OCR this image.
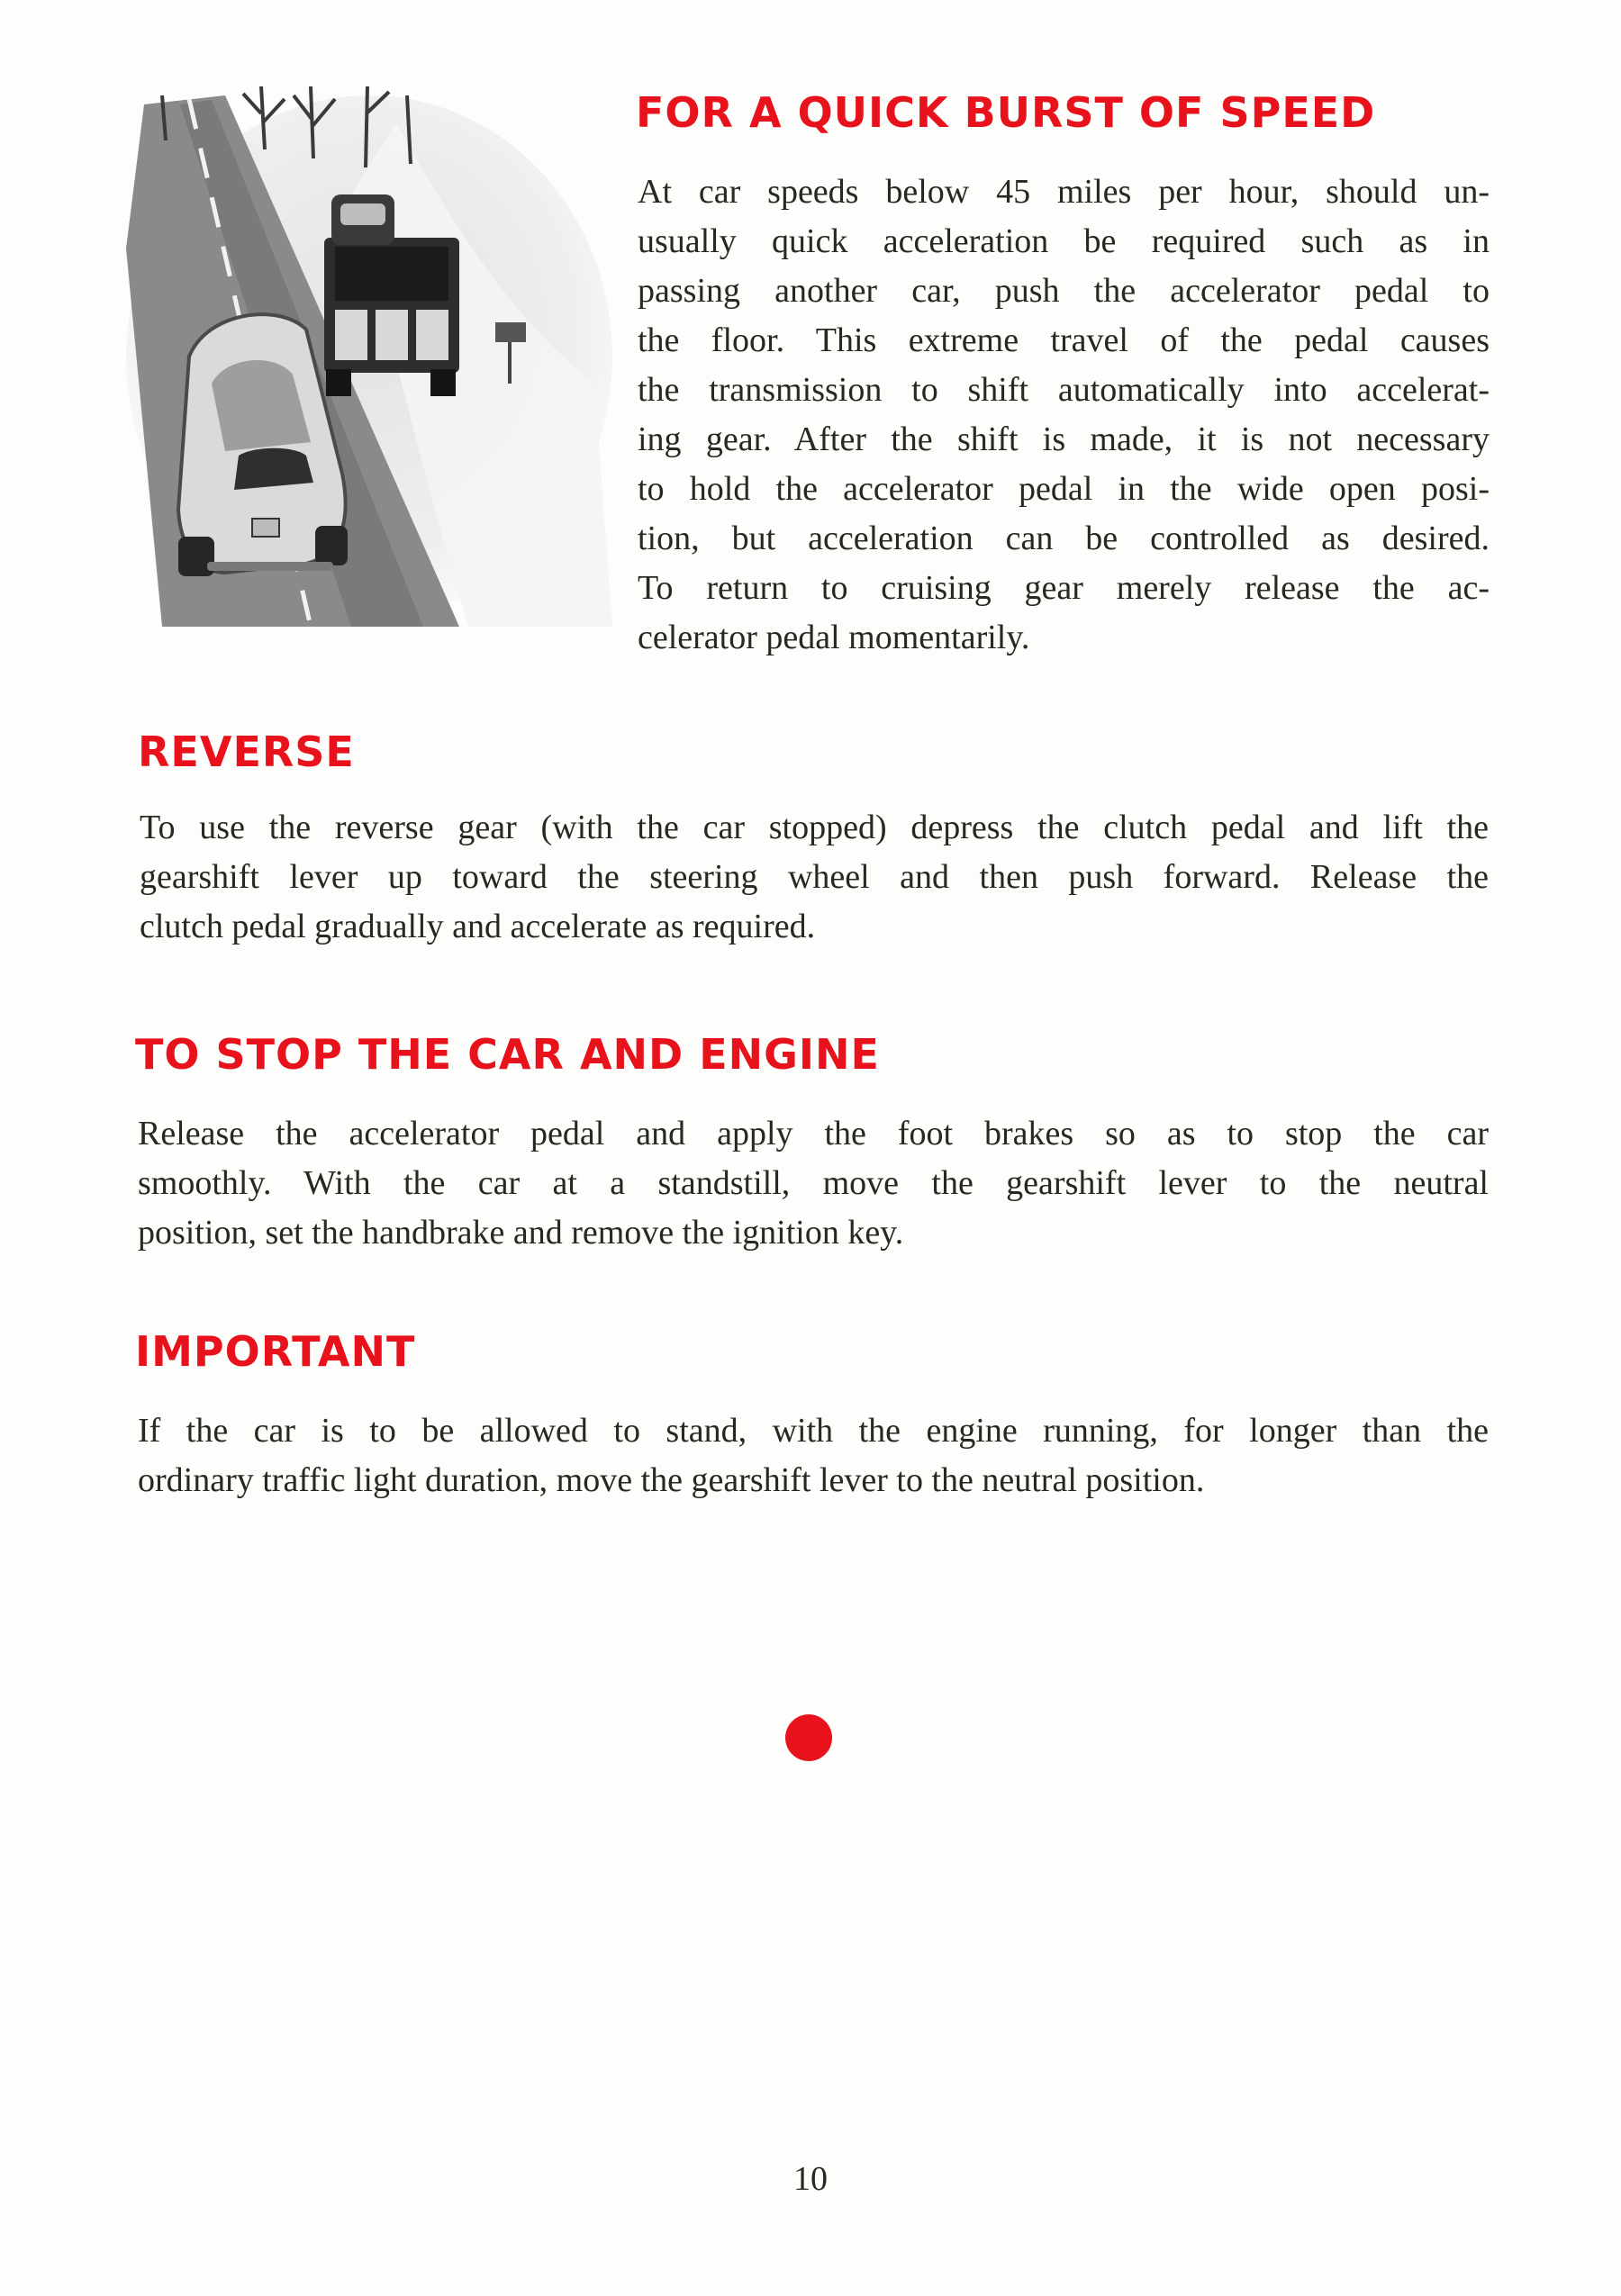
FOR A QUICK BURST OF SPEED
At car speeds below 45 miles per hour, should un-
usually quick acceleration be required such as in
passing another car, push the accelerator pedal to
the floor. This extreme travel of the pedal causes
the transmission to shift automatically into accelerat-
ing gear. After the shift is made, it is not necessary
to hold the accelerator pedal in the wide open posi-
tion, but acceleration can be controlled as desired.
To return to cruising gear merely release the ac-
celerator pedal momentarily.
REVERSE
To use the reverse gear (with the car stopped) depress the clutch pedal and lift the
gearshift lever up toward the steering wheel and then push forward. Release the
clutch pedal gradually and accelerate as required.
TO STOP THE CAR AND ENGINE
Release the accelerator pedal and apply the foot brakes so as to stop the car
smoothly. With the car at a standstill, move the gearshift lever to the neutral
position, set the handbrake and remove the ignition key.
IMPORTANT
If the car is to be allowed to stand, with the engine running, for longer than the
ordinary traffic light duration, move the gearshift lever to the neutral position.
10
